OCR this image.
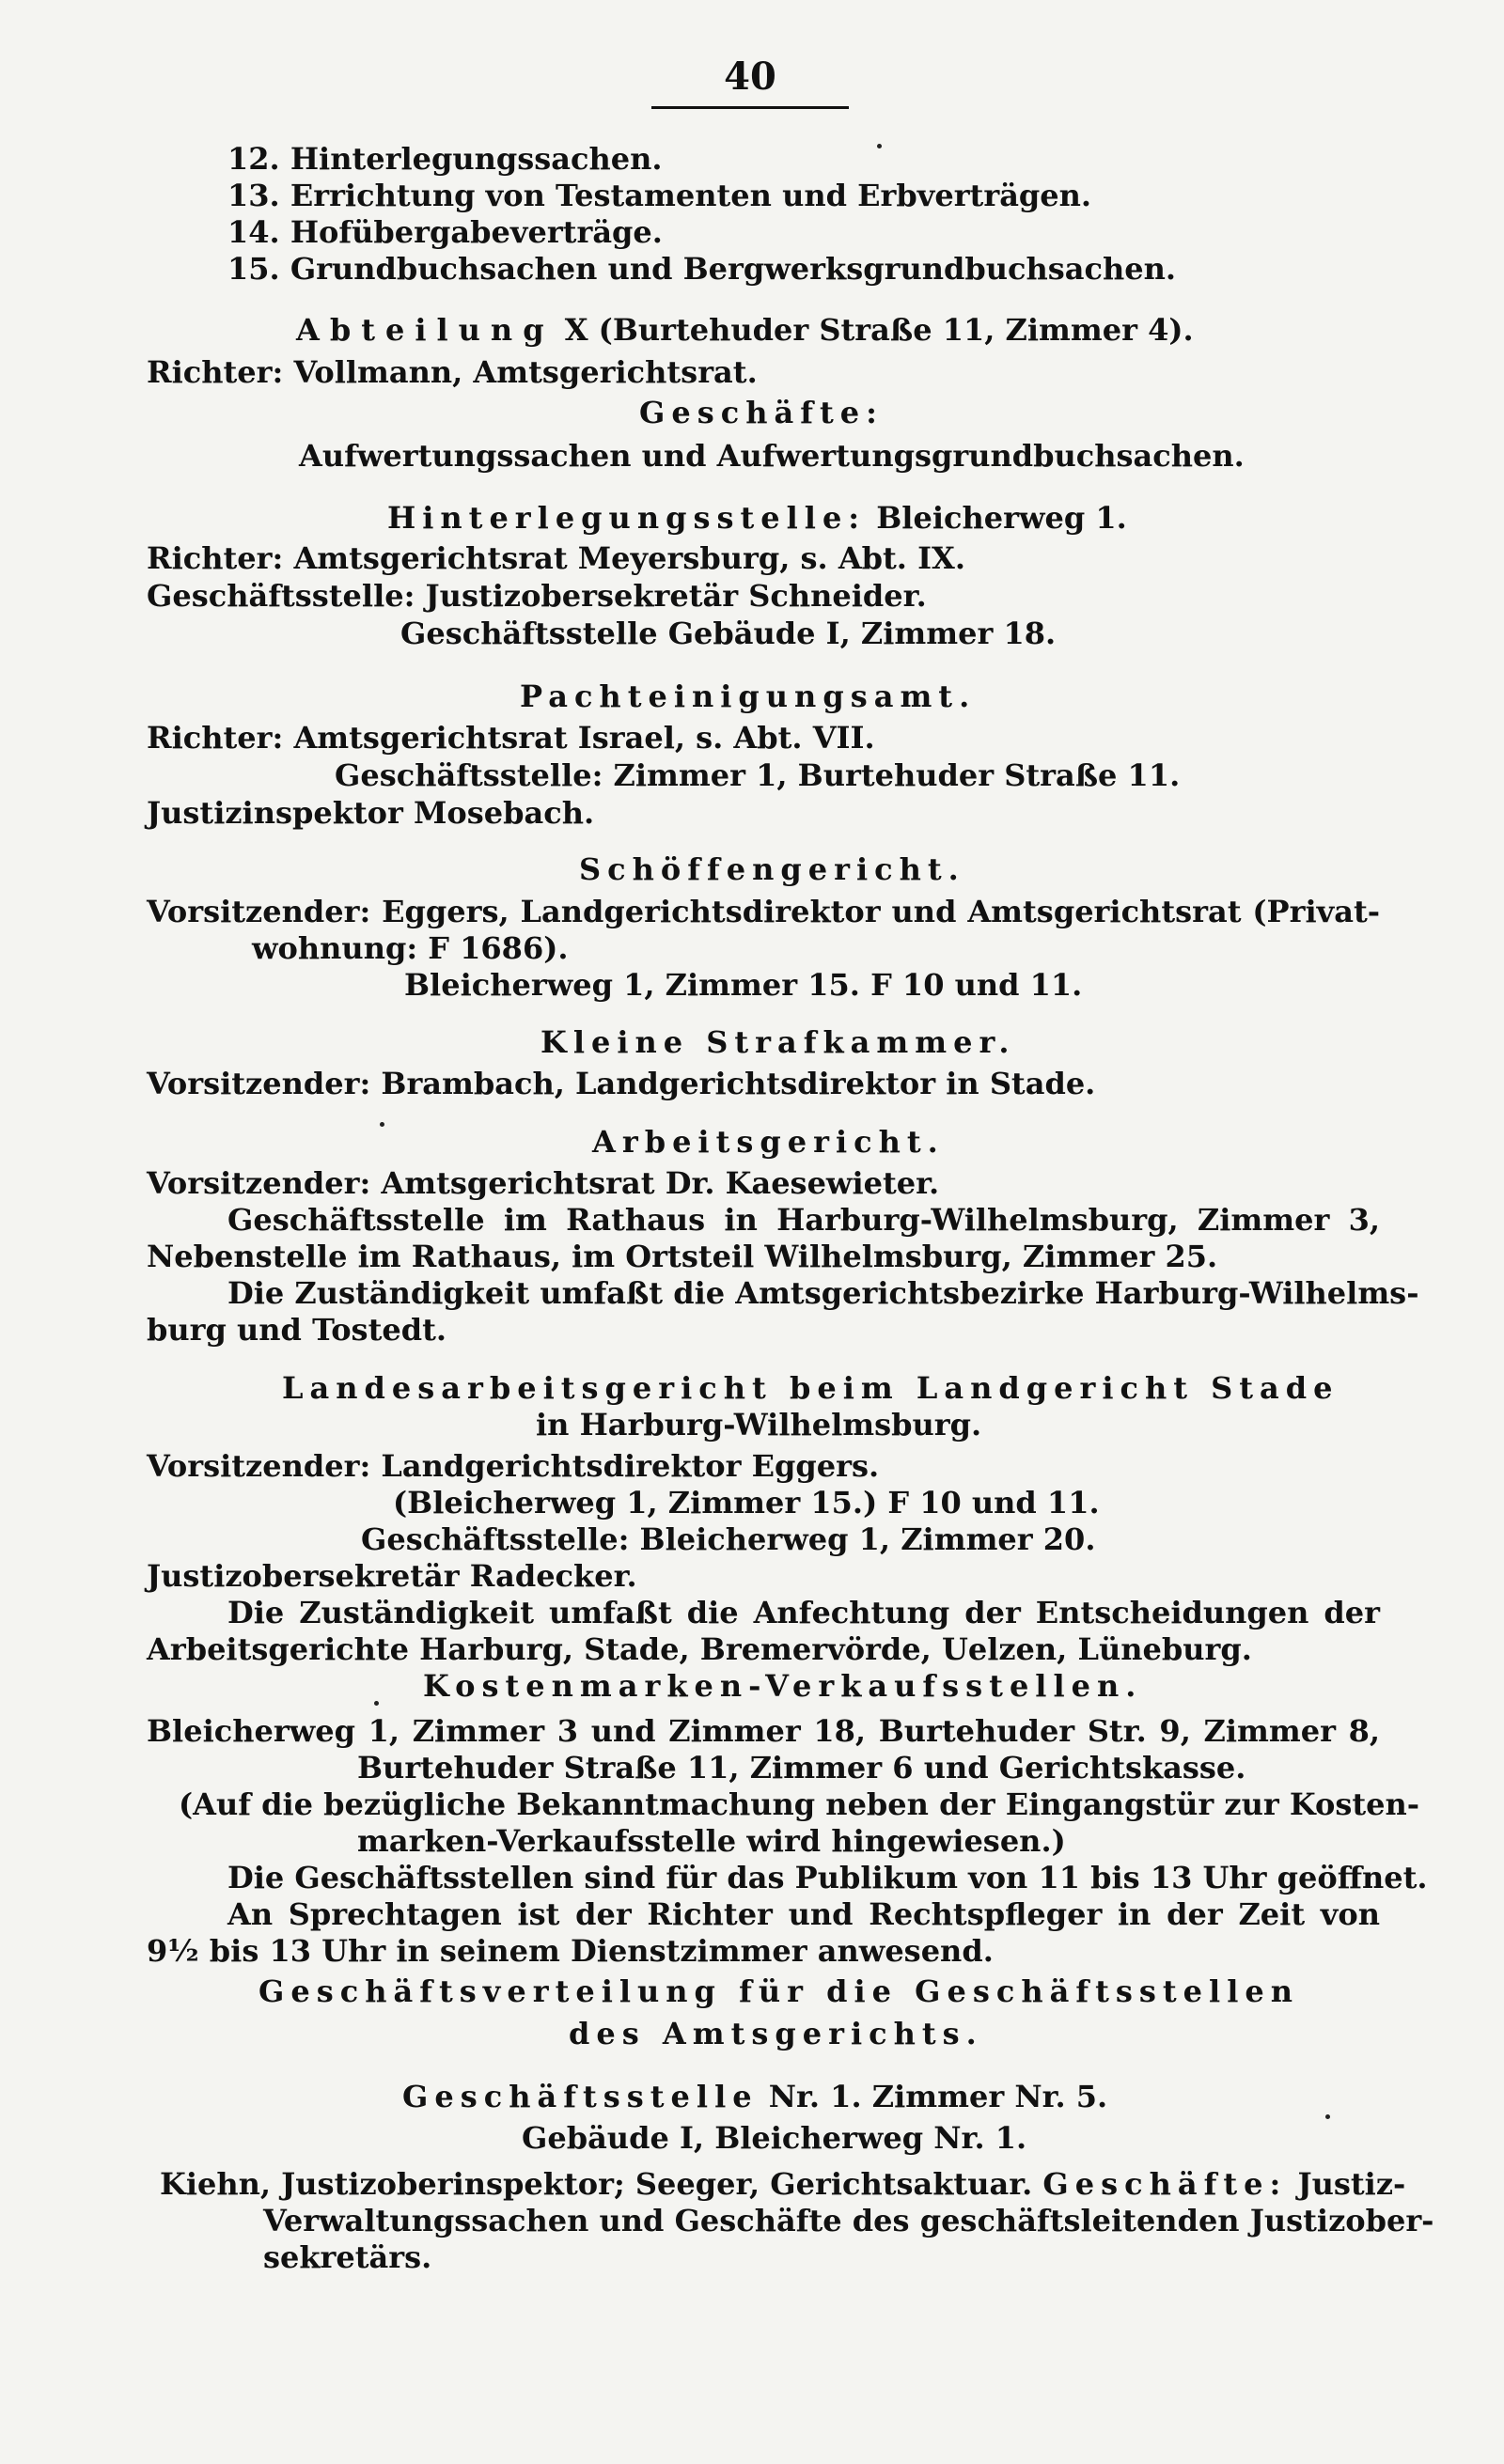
40
12. Hinterlegungssachen.
13. Errichtung von Testamenten und Erbverträgen.
14. Hofübergabeverträge.
15. Grundbuchsachen und Bergwerksgrundbuchsachen.
Abteilung X (Burtehuder Straße 11, Zimmer 4).
Richter: Vollmann, Amtsgerichtsrat.
Geschäfte:
Aufwertungssachen und Aufwertungsgrundbuchsachen.
Hinterlegungsstelle: Bleicherweg 1.
Richter: Amtsgerichtsrat Meyersburg, s. Abt. IX.
Geschäftsstelle: Justizobersekretär Schneider.
Geschäftsstelle Gebäude I, Zimmer 18.
Pachteinigungsamt.
Richter: Amtsgerichtsrat Israel, s. Abt. VII.
Geschäftsstelle: Zimmer 1, Burtehuder Straße 11.
Justizinspektor Mosebach.
Schöffengericht.
Vorsitzender: Eggers, Landgerichtsdirektor und Amtsgerichtsrat (Privat-
wohnung: F 1686).
Bleicherweg 1, Zimmer 15. F 10 und 11.
Kleine Strafkammer.
Vorsitzender: Brambach, Landgerichtsdirektor in Stade.
Arbeitsgericht.
Vorsitzender: Amtsgerichtsrat Dr. Kaesewieter.
Geschäftsstelle im Rathaus in Harburg-Wilhelmsburg, Zimmer 3,
Nebenstelle im Rathaus, im Ortsteil Wilhelmsburg, Zimmer 25.
Die Zuständigkeit umfaßt die Amtsgerichtsbezirke Harburg-Wilhelms-
burg und Tostedt.
Landesarbeitsgericht beim Landgericht Stade
in Harburg-Wilhelmsburg.
Vorsitzender: Landgerichtsdirektor Eggers.
(Bleicherweg 1, Zimmer 15.) F 10 und 11.
Geschäftsstelle: Bleicherweg 1, Zimmer 20.
Justizobersekretär Radecker.
Die Zuständigkeit umfaßt die Anfechtung der Entscheidungen der
Arbeitsgerichte Harburg, Stade, Bremervörde, Uelzen, Lüneburg.
Kostenmarken-Verkaufsstellen.
Bleicherweg 1, Zimmer 3 und Zimmer 18, Burtehuder Str. 9, Zimmer 8,
Burtehuder Straße 11, Zimmer 6 und Gerichtskasse.
(Auf die bezügliche Bekanntmachung neben der Eingangstür zur Kosten-
marken-Verkaufsstelle wird hingewiesen.)
Die Geschäftsstellen sind für das Publikum von 11 bis 13 Uhr geöffnet.
An Sprechtagen ist der Richter und Rechtspfleger in der Zeit von
9½ bis 13 Uhr in seinem Dienstzimmer anwesend.
Geschäftsverteilung für die Geschäftsstellen
des Amtsgerichts.
Geschäftsstelle Nr. 1. Zimmer Nr. 5.
Gebäude I, Bleicherweg Nr. 1.
Kiehn, Justizoberinspektor; Seeger, Gerichtsaktuar. Geschäfte: Justiz-
Verwaltungssachen und Geschäfte des geschäftsleitenden Justizober-
sekretärs.
